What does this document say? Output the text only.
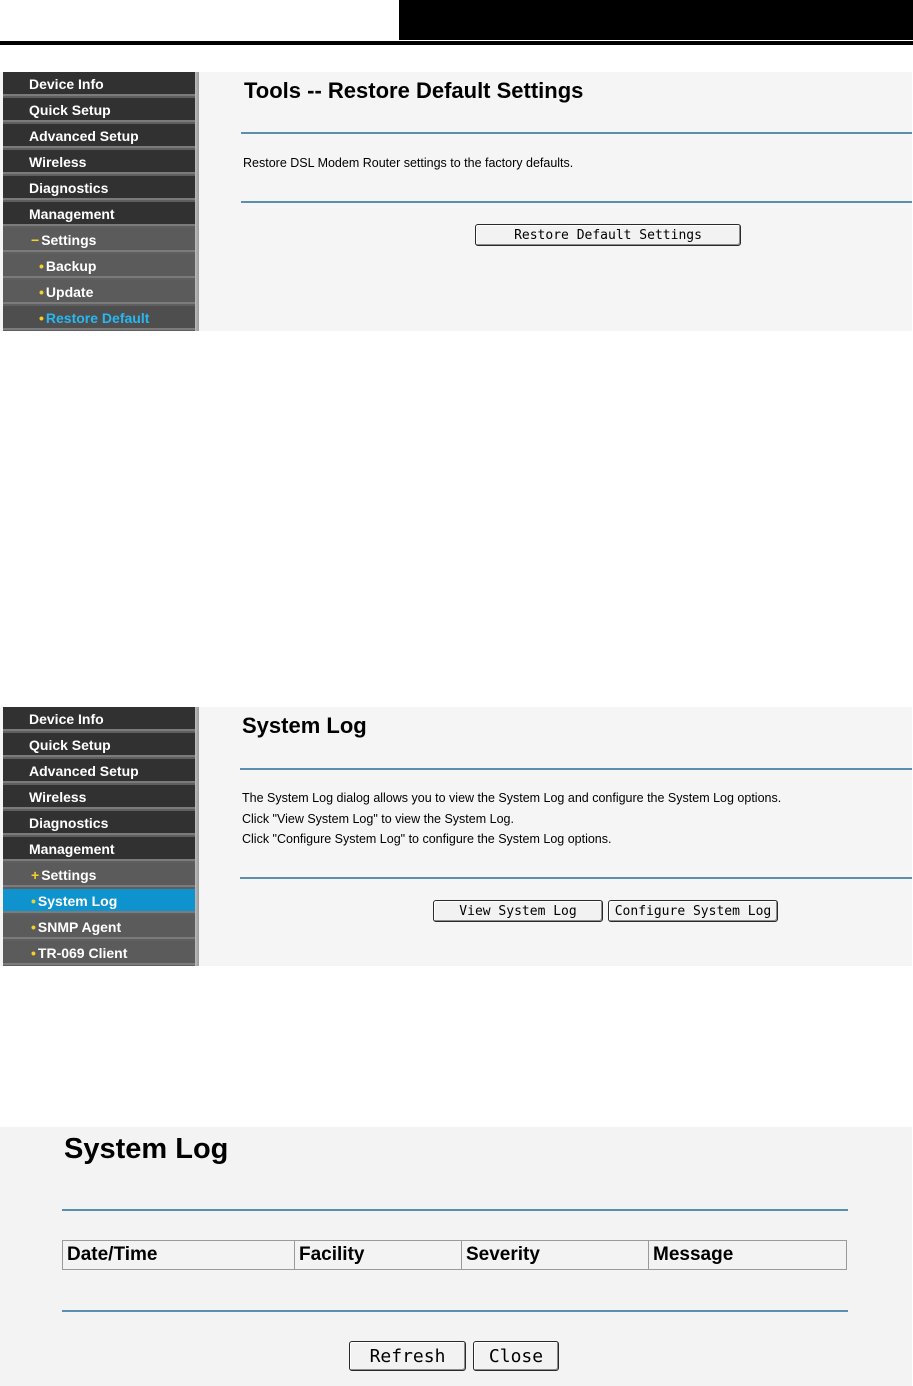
Device Info
Quick Setup
Advanced Setup
Wireless
Diagnostics
Management
− Settings
• Backup
• Update
• Restore Default
Tools -- Restore Default Settings
Restore DSL Modem Router settings to the factory defaults.
Restore Default Settings
Device Info
Quick Setup
Advanced Setup
Wireless
Diagnostics
Management
+ Settings
• System Log
• SNMP Agent
• TR-069 Client
System Log
The System Log dialog allows you to view the System Log and configure the System Log options.
Click "View System Log" to view the System Log.
Click "Configure System Log" to configure the System Log options.
View System Log	Configure System Log
System Log
Date/Time	Facility	Severity	Message
Refresh	Close
